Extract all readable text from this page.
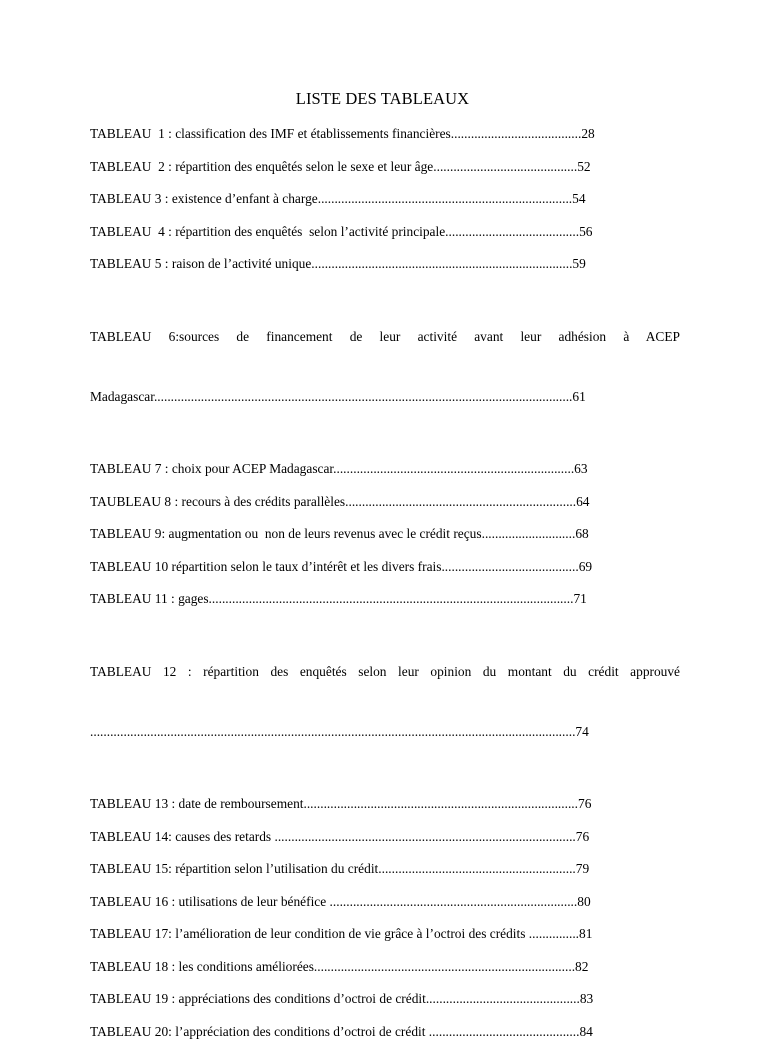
LISTE DES TABLEAUX
TABLEAU  1 : classification des IMF et établissements financières.......................................28
TABLEAU  2 : répartition des enquêtés selon le sexe et leur âge...........................................52
TABLEAU 3 : existence d’enfant à charge............................................................................54
TABLEAU  4 : répartition des enquêtés  selon l’activité principale........................................56
TABLEAU 5 : raison de l’activité unique..............................................................................59

TABLEAU 6:sources de financement de leur activité avant leur adhésion à ACEP

Madagascar.............................................................................................................................61

TABLEAU 7 : choix pour ACEP Madagascar........................................................................63
TAUBLEAU 8 : recours à des crédits parallèles.....................................................................64
TABLEAU 9: augmentation ou  non de leurs revenus avec le crédit reçus............................68
TABLEAU 10 répartition selon le taux d’intérêt et les divers frais.........................................69
TABLEAU 11 : gages.............................................................................................................71

TABLEAU 12 : répartition des enquêtés selon leur opinion du montant du crédit approuvé

.................................................................................................................................................74

TABLEAU 13 : date de remboursement..................................................................................76
TABLEAU 14: causes des retards ..........................................................................................76
TABLEAU 15: répartition selon l’utilisation du crédit...........................................................79
TABLEAU 16 : utilisations de leur bénéfice ..........................................................................80
TABLEAU 17: l’amélioration de leur condition de vie grâce à l’octroi des crédits ...............81
TABLEAU 18 : les conditions améliorées..............................................................................82
TABLEAU 19 : appréciations des conditions d’octroi de crédit..............................................83
TABLEAU 20: l’appréciation des conditions d’octroi de crédit .............................................84
